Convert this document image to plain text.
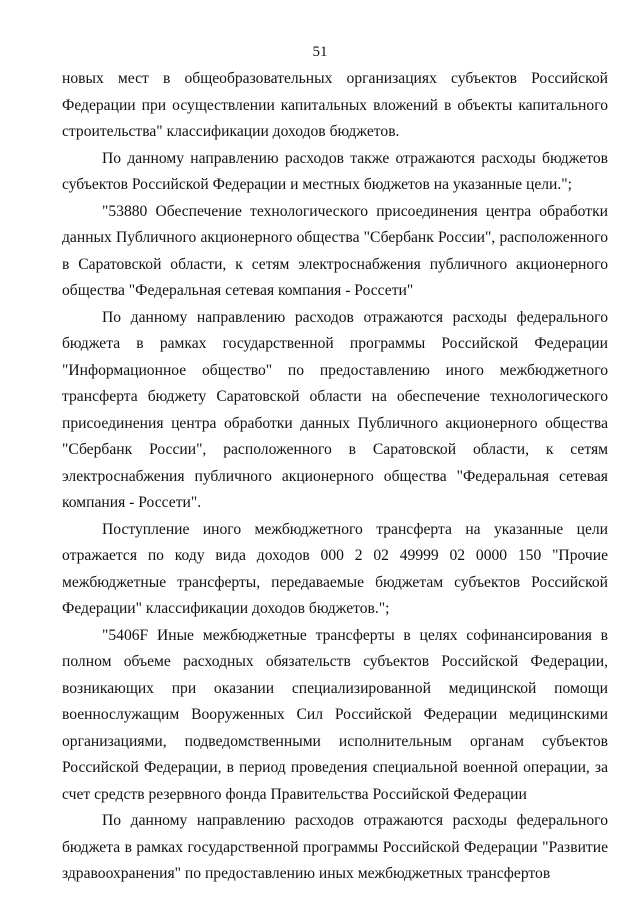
51

новых мест в общеобразовательных организациях субъектов Российской Федерации при осуществлении капитальных вложений в объекты капитального строительства" классификации доходов бюджетов.

По данному направлению расходов также отражаются расходы бюджетов субъектов Российской Федерации и местных бюджетов на указанные цели.";

"53880 Обеспечение технологического присоединения центра обработки данных Публичного акционерного общества "Сбербанк России", расположенного в Саратовской области, к сетям электроснабжения публичного акционерного общества "Федеральная сетевая компания - Россети"

По данному направлению расходов отражаются расходы федерального бюджета в рамках государственной программы Российской Федерации "Информационное общество" по предоставлению иного межбюджетного трансферта бюджету Саратовской области на обеспечение технологического присоединения центра обработки данных Публичного акционерного общества "Сбербанк России", расположенного в Саратовской области, к сетям электроснабжения публичного акционерного общества "Федеральная сетевая компания - Россети".

Поступление иного межбюджетного трансферта на указанные цели отражается по коду вида доходов 000 2 02 49999 02 0000 150 "Прочие межбюджетные трансферты, передаваемые бюджетам субъектов Российской Федерации" классификации доходов бюджетов.";

"5406F Иные межбюджетные трансферты в целях софинансирования в полном объеме расходных обязательств субъектов Российской Федерации, возникающих при оказании специализированной медицинской помощи военнослужащим Вооруженных Сил Российской Федерации медицинскими организациями, подведомственными исполнительным органам субъектов Российской Федерации, в период проведения специальной военной операции, за счет средств резервного фонда Правительства Российской Федерации

По данному направлению расходов отражаются расходы федерального бюджета в рамках государственной программы Российской Федерации "Развитие здравоохранения" по предоставлению иных межбюджетных трансфертов
